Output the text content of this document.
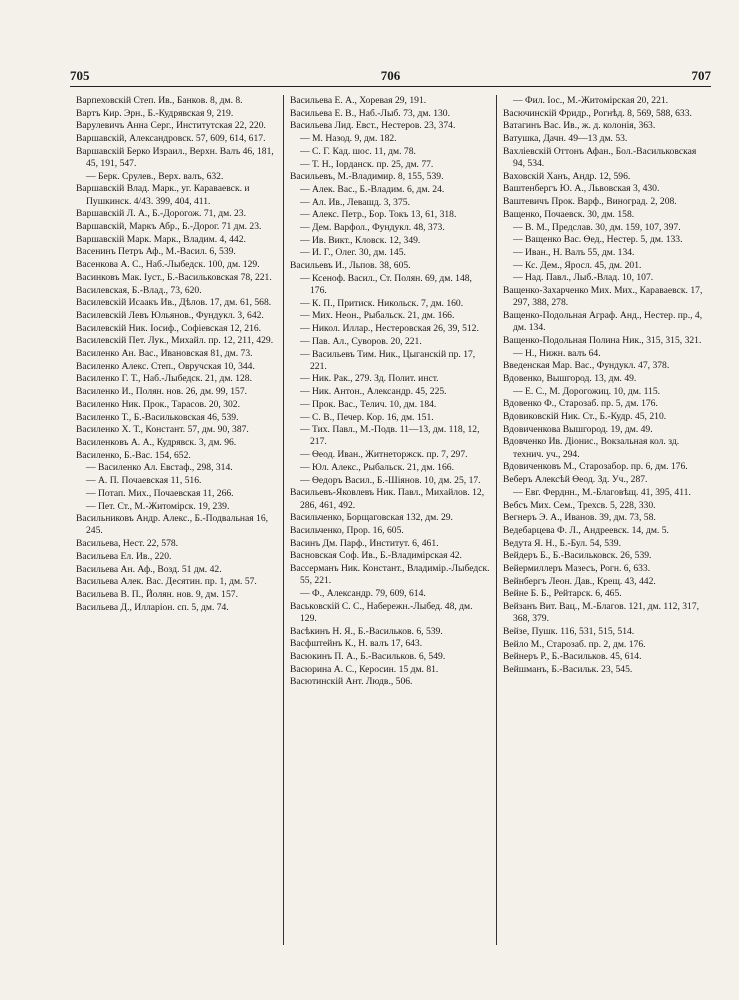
705	706	707
Варпеховскiй Степ. Ив., Банков. 8, дм. 8.
Вартъ Кир. Эрн., Б.-Кудрявская 9, 219.
Варулевичъ Анна Серг., Институтская 22, 220.
Варшавскiй, Александровск. 57, 609, 614, 617.
Варшавскiй Берко Израил., Верхн. Валъ 46, 181, 45, 191, 547.
— Берк. Срулев., Верх. валъ, 632.
Варшавскiй Влад. Марк., уг. Караваевск. и Пушкинск. 4/43. 399, 404, 411.
Варшавскiй Л. А., Б.-Дорогож. 71, дм. 23.
Варшавскiй, Маркъ Абр., Б.-Дорог. 71 дм. 23.
Варшавскiй Марк. Марк., Владим. 4, 442.
Васенинъ Петръ Аф., М.-Васил. 6, 539.
Васенкова А. С., Наб.-Лыбедск. 100, дм. 129.
Васинковъ Мак. Iуст., Б.-Васильковская 78, 221.
Василевская, Б.-Влад., 73, 620.
Василевскiй Исаакъ Ив., Дѣлов. 17, дм. 61, 568.
Василевскiй Левъ Юльянов., Фундукл. 3, 642.
Василевскiй Ник. Iосиф., Софiевская 12, 216.
Василевскiй Пет. Лук., Михайл. пр. 12, 211, 429.
Василенко Ан. Вас., Ивановская 81, дм. 73.
Василенко Алекс. Степ., Овручская 10, 344.
Василенко Г. Т., Наб.-Лыбедск. 21, дм. 128.
Василенко И., Полян. нов. 26, дм. 99, 157.
Василенко Ник. Прок., Тарасов. 20, 302.
Василенко Т., Б.-Васильковская 46, 539.
Василенко Х. Т., Констант. 57, дм. 90, 387.
Василенковъ А. А., Кудрявск. 3, дм. 96.
Василенко, Б.-Вас. 154, 652.
— Василенко Ал. Евстаф., 298, 314.
— А. П. Почаевская 11, 516.
— Потап. Мих., Почаевская 11, 266.
— Пет. Ст., М.-Житомiрск. 19, 239.
Васильниковъ Андр. Алекс., Б.-Подвальная 16, 245.
Васильева, Нест. 22, 578.
Васильева Ел. Ив., 220.
Васильева Ан. Аф., Возд. 51 дм. 42.
Васильева Алек. Вас. Десятин. пр. 1, дм. 57.
Васильева В. П., Йолян. нов. 9, дм. 157.
Васильева Д., Илларiон. сп. 5, дм. 74.
Васильева Е. А., Хоревая 29, 191.
Васильева Е. В., Наб.-Лыб. 73, дм. 130.
Васильева Лид. Евст., Нестеров. 23, 374.
— М. Назод. 9, дм. 182.
— С. Г. Кад. шос. 11, дм. 78.
— Т. Н., Iорданск. пр. 25, дм. 77.
Васильевъ, М.-Владимир. 8, 155, 539.
— Алек. Вас., Б.-Владим. 6, дм. 24.
— Ал. Ив., Левашд. 3, 375.
— Алекс. Петр., Бор. Токъ 13, 61, 318.
— Дем. Варфол., Фундукл. 48, 373.
— Ив. Викт., Кловск. 12, 349.
— И. Г., Олег. 30, дм. 145.
Васильевъ И., Льпов. 38, 605.
— Ксеноф. Васил., Ст. Полян. 69, дм. 148, 176.
— К. П., Притиск. Никольск. 7, дм. 160.
— Мих. Неон., Рыбальск. 21, дм. 166.
— Никол. Иллар., Нестеровская 26, 39, 512.
— Пав. Ал., Суворов. 20, 221.
— Васильевъ Тим. Ник., Цыганскiй пр. 17, 221.
— Ник. Рак., 279. Зд. Полит. инст.
— Ник. Антон., Александр. 45, 225.
— Прок. Вас., Телич. 10, дм. 184.
— С. В., Печер. Кор. 16, дм. 151.
— Тих. Павл., М.-Подв. 11—13, дм. 118, 12, 217.
— Ѳеод. Иван., Житнеторжск. пр. 7, 297.
— Юл. Алекс., Рыбальск. 21, дм. 166.
— Ѳедоръ Васил., Б.-Шiянов. 10, дм. 25, 17.
Васильевъ-Яковлевъ Ник. Павл., Михайлов. 12, 286, 461, 492.
Васильченко, Борщаговская 132, дм. 29.
Васильченко, Прор. 16, 605.
Васинъ Дм. Парф., Институт. 6, 461.
Васновская Соф. Ив., Б.-Владимiрская 42.
Вассерманъ Ник. Констант., Владимiр.-Лыбедск. 55, 221.
— Ф., Александр. 79, 609, 614.
Васьковскiй С. С., Набережн.-Лыбед. 48, дм. 129.
Васѣкинъ Н. Я., Б.-Васильков. 6, 539.
Васфштейнъ К., Н. валъ 17, 643.
Васюкинъ П. А., Б.-Васильков. 6, 549.
Васюрина А. С., Керосин. 15 дм. 81.
Васютинскiй Ант. Людв., 506.
— Фил. Iос., М.-Житомiрская 20, 221.
Васючинскiй Фридр., Рогнѣд. 8, 569, 588, 633.
Ватагинъ Вас. Ив., ж. д. колонiя, 363.
Ватушка, Дачн. 49—13 дм. 53.
Вахлiевскiй Оттонъ Афан., Бол.-Васильковская 94, 534.
Ваховскiй Ханъ, Андр. 12, 596.
Ваштенбергъ Ю. А., Львовская 3, 430.
Ваштевичъ Прок. Варф., Виноград. 2, 208.
Ващенко, Почаевск. 30, дм. 158.
— В. М., Предслав. 30, дм. 159, 107, 397.
— Ващенко Вас. Ѳед., Нестер. 5, дм. 133.
— Иван., Н. Валъ 55, дм. 134.
— Кс. Дем., Яросл. 45, дм. 201.
— Над. Павл., Лыб.-Влад. 10, 107.
Ващенко-Захарченко Мих. Мих., Караваевск. 17, 297, 388, 278.
Ващенко-Подольная Аграф. Анд., Нестер. пр., 4, дм. 134.
Ващенко-Подольная Полина Ник., 315, 315, 321.
— Н., Нижн. валъ 64.
Введенская Мар. Вас., Фундукл. 47, 378.
Вдовенко, Вышгород. 13, дм. 49.
— Е. С., М. Дорогожиц. 10, дм. 115.
Вдовенко Ф., Старозаб. пр. 5, дм. 176.
Вдовиковскiй Ник. Ст., Б.-Кудр. 45, 210.
Вдовиченкова Вышгород. 19, дм. 49.
Вдовченко Ив. Дiонис., Вокзальная кол. зд. технич. уч., 294.
Вдовиченковъ М., Старозабор. пр. 6, дм. 176.
Веберъ Алексѣй Ѳеод. Зд. Уч., 287.
— Евг. Ферднн., М.-Благовѣщ. 41, 395, 411.
Вебсъ Мих. Сем., Трехсв. 5, 228, 330.
Вегнеръ Э. А., Иванов. 39, дм. 73, 58.
Ведебарцева Ф. Л., Андреевск. 14, дм. 5.
Ведута Я. Н., Б.-Бул. 54, 539.
Вейдеръ Б., Б.-Васильковск. 26, 539.
Вейермиллеръ Мазесъ, Рогн. 6, 633.
Вейнбергъ Леон. Дав., Крещ. 43, 442.
Вейне Б. Б., Рейтарск. 6, 465.
Вейзанъ Вит. Вац., М.-Благов. 121, дм. 112, 317, 368, 379.
Вейзе, Пушк. 116, 531, 515, 514.
Вейло М., Старозаб. пр. 2, дм. 176.
Вейнеръ Р., Б.-Васильков. 45, 614.
Вейшманъ, Б.-Васильк. 23, 545.
